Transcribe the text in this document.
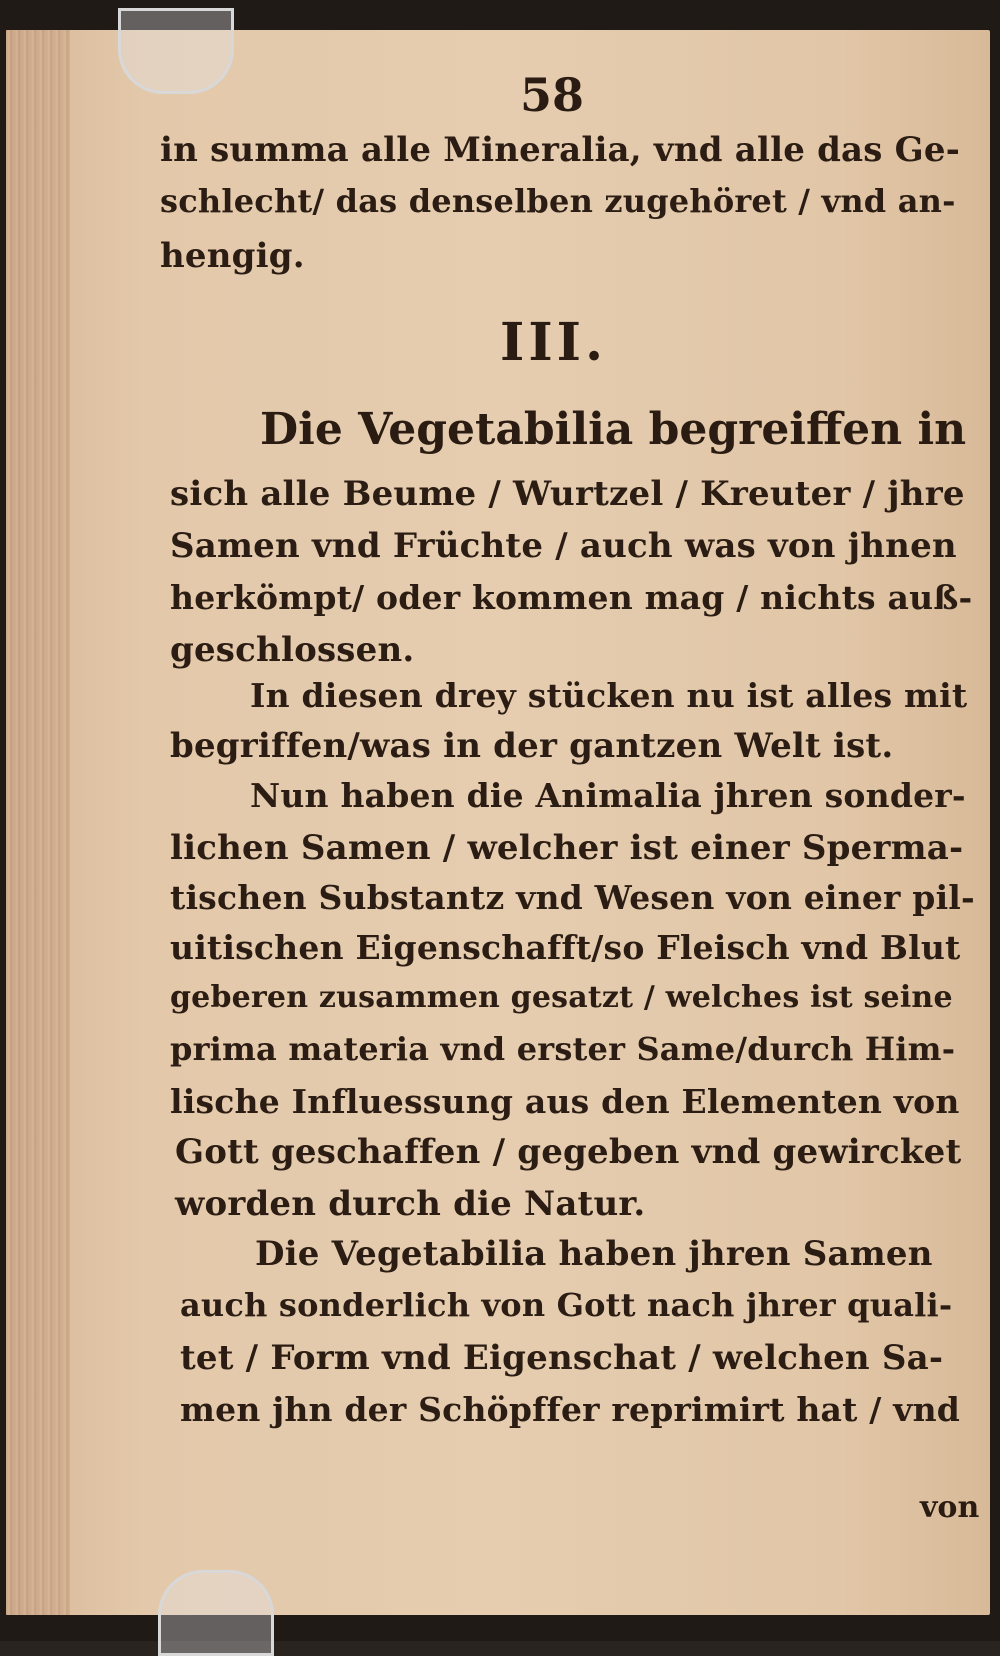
58
in summa alle Mineralia, vnd alle das Ge-
schlecht/ das denselben zugehöret / vnd an-
hengig.
III.
Die Vegetabilia begreiffen in
sich alle Beume / Wurtzel / Kreuter / jhre
Samen vnd Früchte / auch was von jhnen
herkömpt/ oder kommen mag / nichts auß-
geschlossen.
In diesen drey stücken nu ist alles mit
begriffen/was in der gantzen Welt ist.
Nun haben die Animalia jhren sonder-
lichen Samen / welcher ist einer Sperma-
tischen Substantz vnd Wesen von einer pil-
uitischen Eigenschafft/so Fleisch vnd Blut
geberen zusammen gesatzt / welches ist seine
prima materia vnd erster Same/durch Him-
lische Influessung aus den Elementen von
Gott geschaffen / gegeben vnd gewircket
worden durch die Natur.
Die Vegetabilia haben jhren Samen
auch sonderlich von Gott nach jhrer quali-
tet / Form vnd Eigenschat / welchen Sa-
men jhn der Schöpffer reprimirt hat / vnd
von
